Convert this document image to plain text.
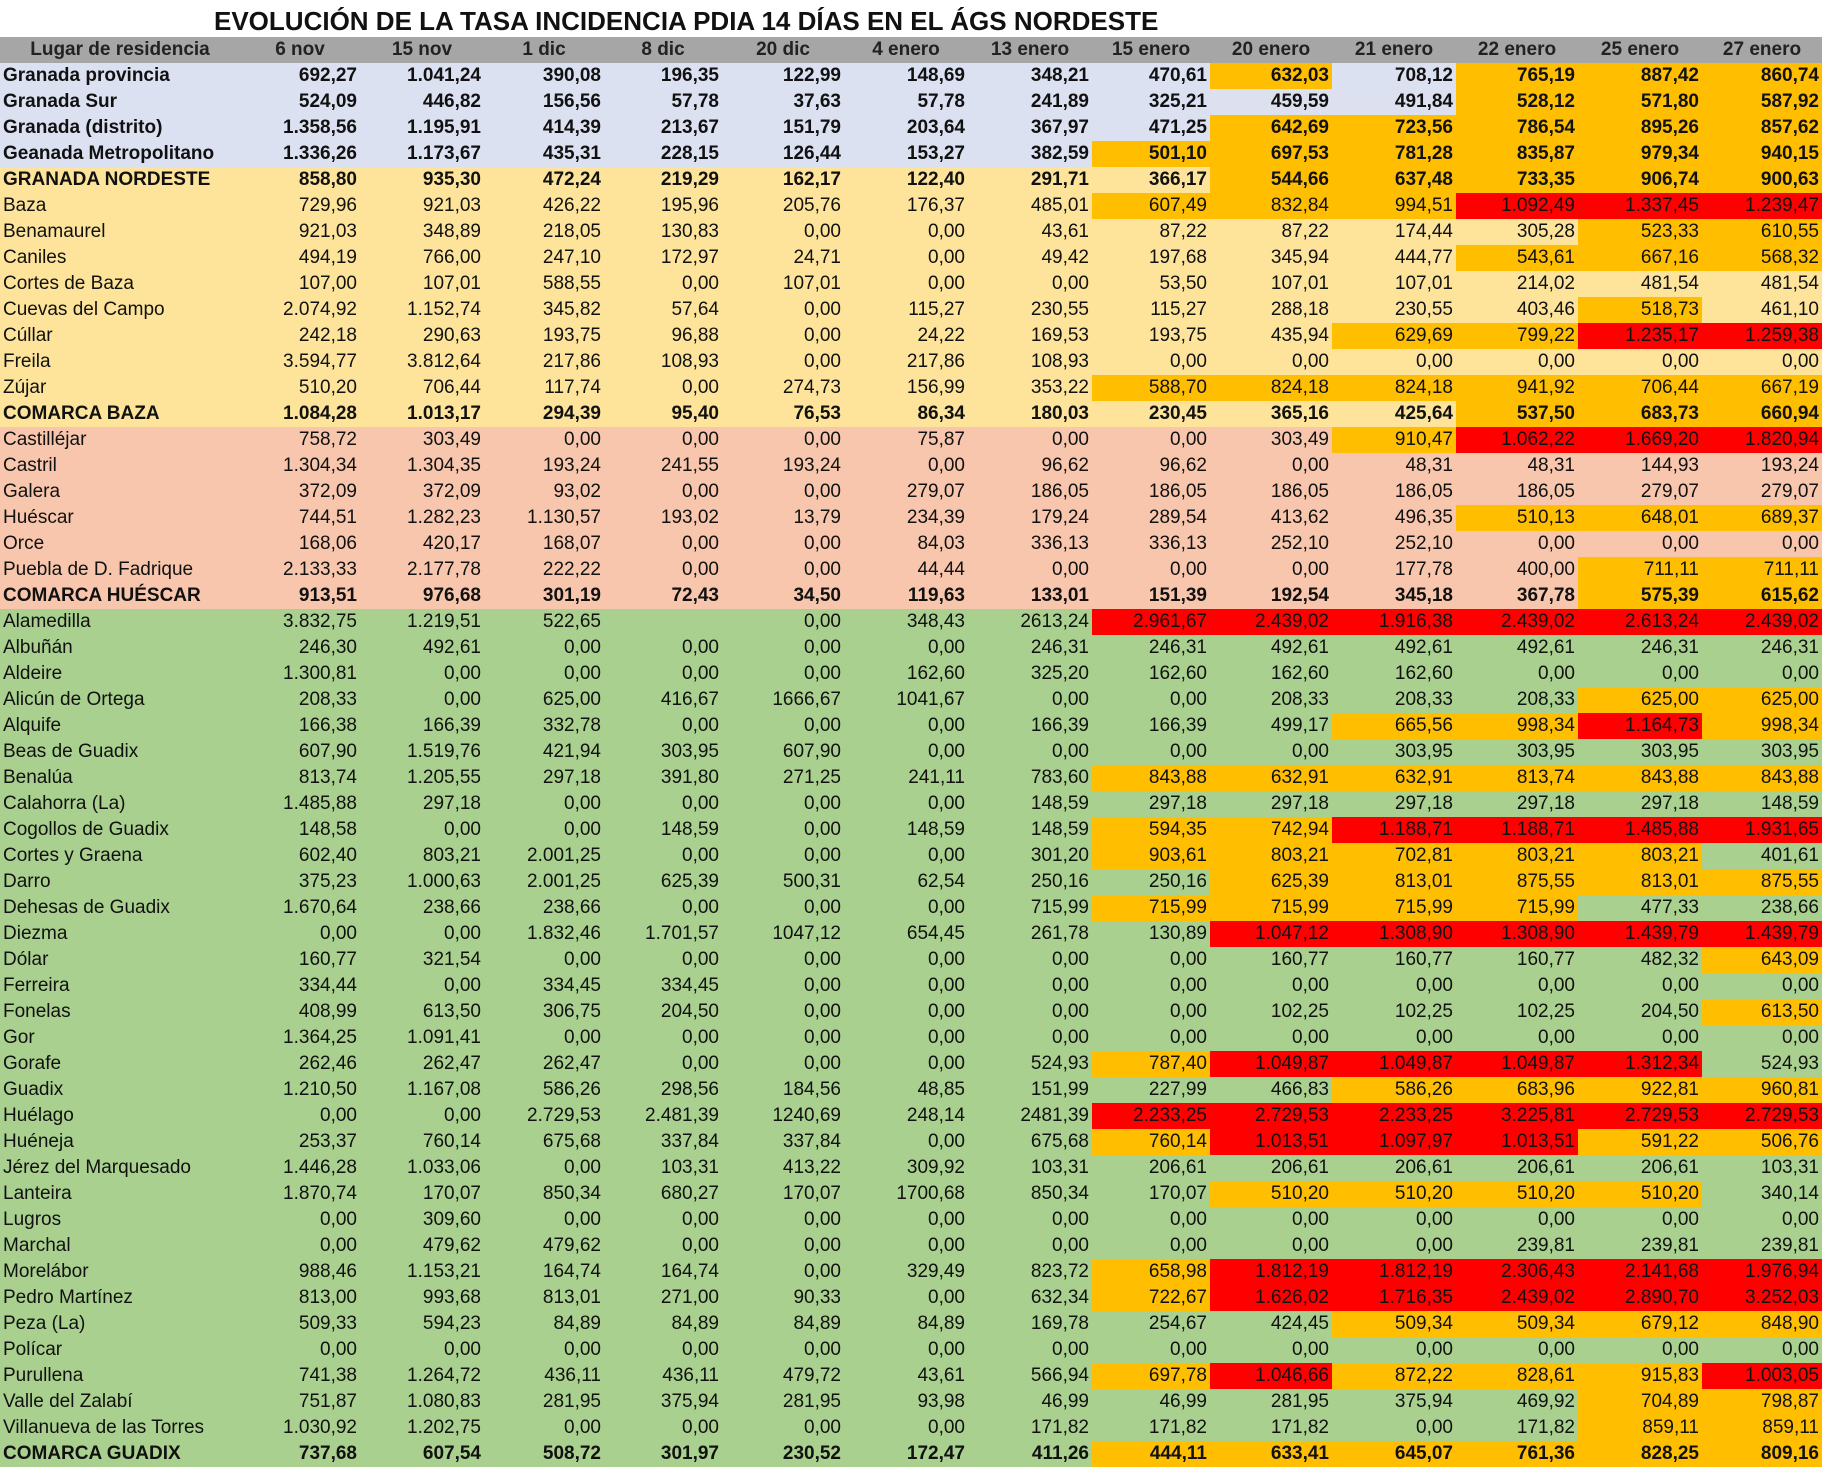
EVOLUCIÓN DE LA TASA INCIDENCIA PDIA 14 DÍAS EN EL ÁGS NORDESTE
Lugar de residencia	6 nov	15 nov	1 dic	8 dic	20 dic	4 enero	13 enero	15 enero	20 enero	21 enero	22 enero	25 enero	27 enero
Granada provincia	692,27	1.041,24	390,08	196,35	122,99	148,69	348,21	470,61	632,03	708,12	765,19	887,42	860,74
Granada Sur	524,09	446,82	156,56	57,78	37,63	57,78	241,89	325,21	459,59	491,84	528,12	571,80	587,92
Granada (distrito)	1.358,56	1.195,91	414,39	213,67	151,79	203,64	367,97	471,25	642,69	723,56	786,54	895,26	857,62
Geanada Metropolitano	1.336,26	1.173,67	435,31	228,15	126,44	153,27	382,59	501,10	697,53	781,28	835,87	979,34	940,15
GRANADA NORDESTE	858,80	935,30	472,24	219,29	162,17	122,40	291,71	366,17	544,66	637,48	733,35	906,74	900,63
Baza	729,96	921,03	426,22	195,96	205,76	176,37	485,01	607,49	832,84	994,51	1.092,49	1.337,45	1.239,47
Benamaurel	921,03	348,89	218,05	130,83	0,00	0,00	43,61	87,22	87,22	174,44	305,28	523,33	610,55
Caniles	494,19	766,00	247,10	172,97	24,71	0,00	49,42	197,68	345,94	444,77	543,61	667,16	568,32
Cortes de Baza	107,00	107,01	588,55	0,00	107,01	0,00	0,00	53,50	107,01	107,01	214,02	481,54	481,54
Cuevas del Campo	2.074,92	1.152,74	345,82	57,64	0,00	115,27	230,55	115,27	288,18	230,55	403,46	518,73	461,10
Cúllar	242,18	290,63	193,75	96,88	0,00	24,22	169,53	193,75	435,94	629,69	799,22	1.235,17	1.259,38
Freila	3.594,77	3.812,64	217,86	108,93	0,00	217,86	108,93	0,00	0,00	0,00	0,00	0,00	0,00
Zújar	510,20	706,44	117,74	0,00	274,73	156,99	353,22	588,70	824,18	824,18	941,92	706,44	667,19
COMARCA BAZA	1.084,28	1.013,17	294,39	95,40	76,53	86,34	180,03	230,45	365,16	425,64	537,50	683,73	660,94
Castilléjar	758,72	303,49	0,00	0,00	0,00	75,87	0,00	0,00	303,49	910,47	1.062,22	1.669,20	1.820,94
Castril	1.304,34	1.304,35	193,24	241,55	193,24	0,00	96,62	96,62	0,00	48,31	48,31	144,93	193,24
Galera	372,09	372,09	93,02	0,00	0,00	279,07	186,05	186,05	186,05	186,05	186,05	279,07	279,07
Huéscar	744,51	1.282,23	1.130,57	193,02	13,79	234,39	179,24	289,54	413,62	496,35	510,13	648,01	689,37
Orce	168,06	420,17	168,07	0,00	0,00	84,03	336,13	336,13	252,10	252,10	0,00	0,00	0,00
Puebla de D. Fadrique	2.133,33	2.177,78	222,22	0,00	0,00	44,44	0,00	0,00	0,00	177,78	400,00	711,11	711,11
COMARCA HUÉSCAR	913,51	976,68	301,19	72,43	34,50	119,63	133,01	151,39	192,54	345,18	367,78	575,39	615,62
Alamedilla	3.832,75	1.219,51	522,65		0,00	348,43	2613,24	2.961,67	2.439,02	1.916,38	2.439,02	2.613,24	2.439,02
Albuñán	246,30	492,61	0,00	0,00	0,00	0,00	246,31	246,31	492,61	492,61	492,61	246,31	246,31
Aldeire	1.300,81	0,00	0,00	0,00	0,00	162,60	325,20	162,60	162,60	162,60	0,00	0,00	0,00
Alicún de Ortega	208,33	0,00	625,00	416,67	1666,67	1041,67	0,00	0,00	208,33	208,33	208,33	625,00	625,00
Alquife	166,38	166,39	332,78	0,00	0,00	0,00	166,39	166,39	499,17	665,56	998,34	1.164,73	998,34
Beas de Guadix	607,90	1.519,76	421,94	303,95	607,90	0,00	0,00	0,00	0,00	303,95	303,95	303,95	303,95
Benalúa	813,74	1.205,55	297,18	391,80	271,25	241,11	783,60	843,88	632,91	632,91	813,74	843,88	843,88
Calahorra (La)	1.485,88	297,18	0,00	0,00	0,00	0,00	148,59	297,18	297,18	297,18	297,18	297,18	148,59
Cogollos de Guadix	148,58	0,00	0,00	148,59	0,00	148,59	148,59	594,35	742,94	1.188,71	1.188,71	1.485,88	1.931,65
Cortes y Graena	602,40	803,21	2.001,25	0,00	0,00	0,00	301,20	903,61	803,21	702,81	803,21	803,21	401,61
Darro	375,23	1.000,63	2.001,25	625,39	500,31	62,54	250,16	250,16	625,39	813,01	875,55	813,01	875,55
Dehesas de Guadix	1.670,64	238,66	238,66	0,00	0,00	0,00	715,99	715,99	715,99	715,99	715,99	477,33	238,66
Diezma	0,00	0,00	1.832,46	1.701,57	1047,12	654,45	261,78	130,89	1.047,12	1.308,90	1.308,90	1.439,79	1.439,79
Dólar	160,77	321,54	0,00	0,00	0,00	0,00	0,00	0,00	160,77	160,77	160,77	482,32	643,09
Ferreira	334,44	0,00	334,45	334,45	0,00	0,00	0,00	0,00	0,00	0,00	0,00	0,00	0,00
Fonelas	408,99	613,50	306,75	204,50	0,00	0,00	0,00	0,00	102,25	102,25	102,25	204,50	613,50
Gor	1.364,25	1.091,41	0,00	0,00	0,00	0,00	0,00	0,00	0,00	0,00	0,00	0,00	0,00
Gorafe	262,46	262,47	262,47	0,00	0,00	0,00	524,93	787,40	1.049,87	1.049,87	1.049,87	1.312,34	524,93
Guadix	1.210,50	1.167,08	586,26	298,56	184,56	48,85	151,99	227,99	466,83	586,26	683,96	922,81	960,81
Huélago	0,00	0,00	2.729,53	2.481,39	1240,69	248,14	2481,39	2.233,25	2.729,53	2.233,25	3.225,81	2.729,53	2.729,53
Huéneja	253,37	760,14	675,68	337,84	337,84	0,00	675,68	760,14	1.013,51	1.097,97	1.013,51	591,22	506,76
Jérez del Marquesado	1.446,28	1.033,06	0,00	103,31	413,22	309,92	103,31	206,61	206,61	206,61	206,61	206,61	103,31
Lanteira	1.870,74	170,07	850,34	680,27	170,07	1700,68	850,34	170,07	510,20	510,20	510,20	510,20	340,14
Lugros	0,00	309,60	0,00	0,00	0,00	0,00	0,00	0,00	0,00	0,00	0,00	0,00	0,00
Marchal	0,00	479,62	479,62	0,00	0,00	0,00	0,00	0,00	0,00	0,00	239,81	239,81	239,81
Morelábor	988,46	1.153,21	164,74	164,74	0,00	329,49	823,72	658,98	1.812,19	1.812,19	2.306,43	2.141,68	1.976,94
Pedro Martínez	813,00	993,68	813,01	271,00	90,33	0,00	632,34	722,67	1.626,02	1.716,35	2.439,02	2.890,70	3.252,03
Peza (La)	509,33	594,23	84,89	84,89	84,89	84,89	169,78	254,67	424,45	509,34	509,34	679,12	848,90
Polícar	0,00	0,00	0,00	0,00	0,00	0,00	0,00	0,00	0,00	0,00	0,00	0,00	0,00
Purullena	741,38	1.264,72	436,11	436,11	479,72	43,61	566,94	697,78	1.046,66	872,22	828,61	915,83	1.003,05
Valle del Zalabí	751,87	1.080,83	281,95	375,94	281,95	93,98	46,99	46,99	281,95	375,94	469,92	704,89	798,87
Villanueva de las Torres	1.030,92	1.202,75	0,00	0,00	0,00	0,00	171,82	171,82	171,82	0,00	171,82	859,11	859,11
COMARCA GUADIX	737,68	607,54	508,72	301,97	230,52	172,47	411,26	444,11	633,41	645,07	761,36	828,25	809,16
